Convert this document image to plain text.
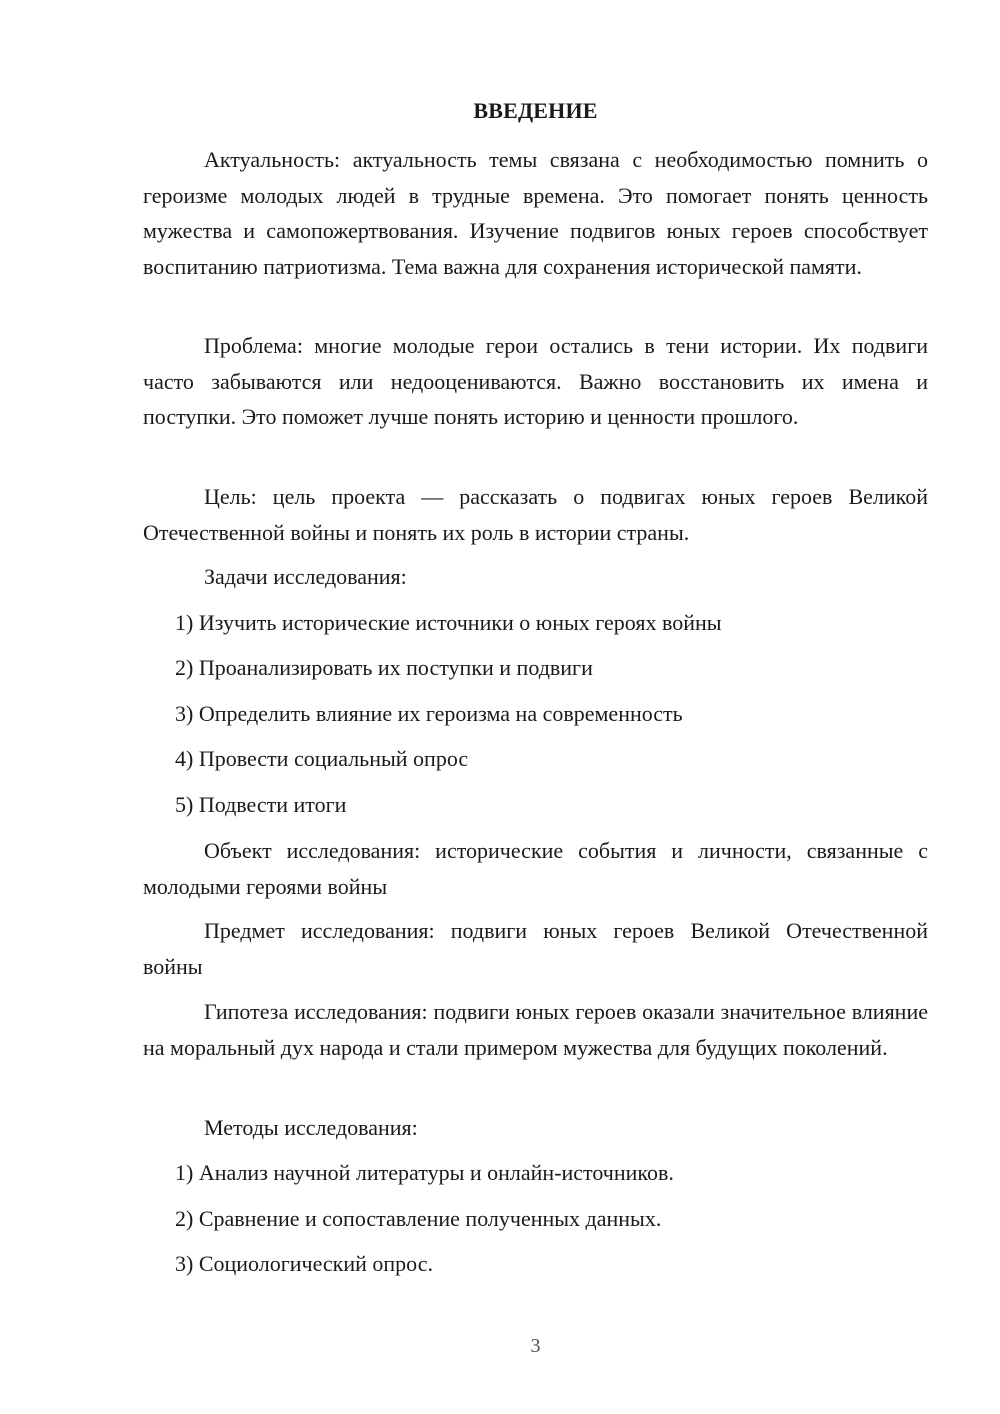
ВВЕДЕНИЕ

Актуальность: актуальность темы связана с необходимостью помнить о героизме молодых людей в трудные времена. Это помогает понять ценность мужества и самопожертвования. Изучение подвигов юных героев способствует воспитанию патриотизма. Тема важна для сохранения исторической памяти.

Проблема: многие молодые герои остались в тени истории. Их подвиги часто забываются или недооцениваются. Важно восстановить их имена и поступки. Это поможет лучше понять историю и ценности прошлого.

Цель: цель проекта — рассказать о подвигах юных героев Великой Отечественной войны и понять их роль в истории страны.

Задачи исследования:

1) Изучить исторические источники о юных героях войны

2) Проанализировать их поступки и подвиги

3) Определить влияние их героизма на современность

4) Провести социальный опрос

5) Подвести итоги

Объект исследования: исторические события и личности, связанные с молодыми героями войны

Предмет исследования: подвиги юных героев Великой Отечественной войны

Гипотеза исследования: подвиги юных героев оказали значительное влияние на моральный дух народа и стали примером мужества для будущих поколений.

Методы исследования:

1) Анализ научной литературы и онлайн-источников.

2) Сравнение и сопоставление полученных данных.

3) Социологический опрос.

3
